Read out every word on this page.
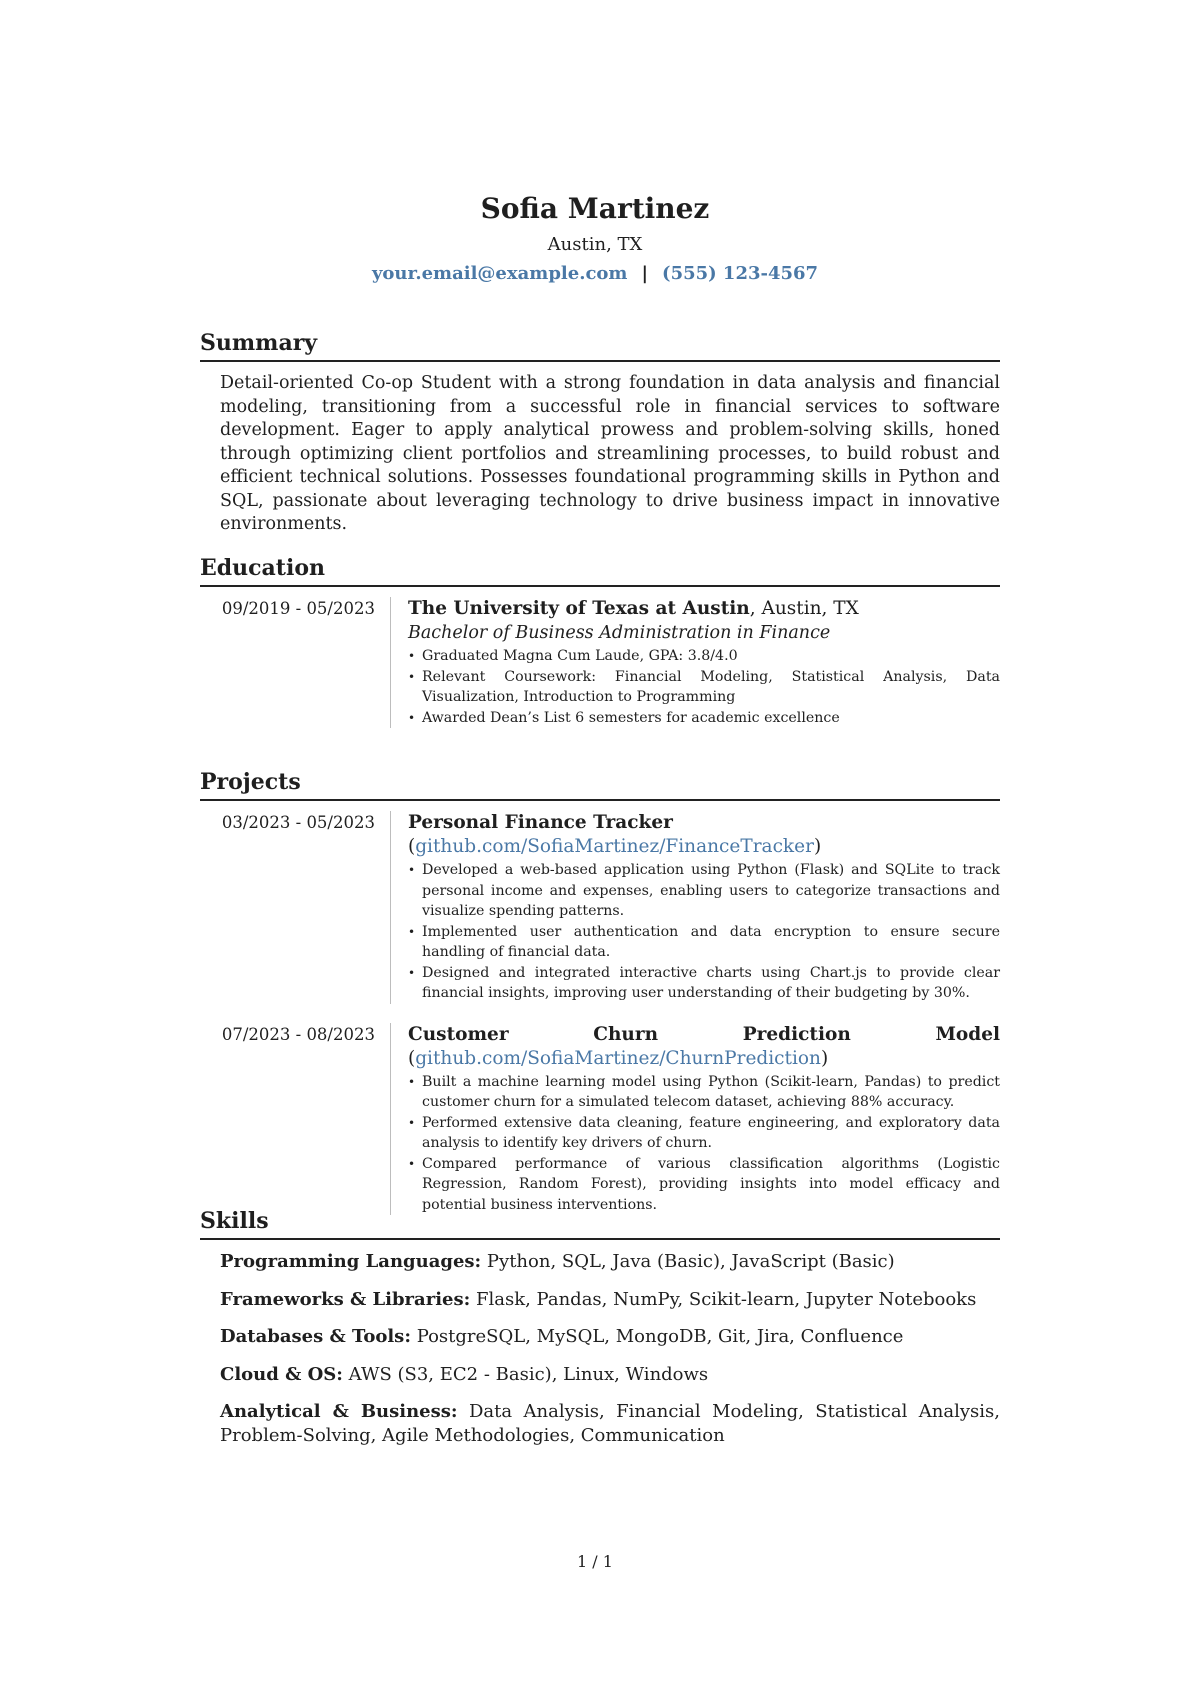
Sofia Martinez
Austin, TX
your.email@example.com | (555) 123-4567
Summary
Detail-oriented Co-op Student with a strong foundation in data analysis and financial modeling, transitioning from a successful role in financial services to software development. Eager to apply analytical prowess and problem-solving skills, honed through optimizing client portfolios and streamlining processes, to build robust and efficient technical solutions. Possesses foundational programming skills in Python and SQL, passionate about leveraging technology to drive business impact in innovative environments.
Education
09/2019 - 05/2023 The University of Texas at Austin, Austin, TX
Bachelor of Business Administration in Finance
• Graduated Magna Cum Laude, GPA: 3.8/4.0
• Relevant Coursework: Financial Modeling, Statistical Analysis, Data Visualization, Introduction to Programming
• Awarded Dean’s List 6 semesters for academic excellence
Projects
03/2023 - 05/2023 Personal Finance Tracker (github.com/SofiaMartinez/FinanceTracker)
• Developed a web-based application using Python (Flask) and SQLite to track personal income and expenses, enabling users to categorize transactions and visualize spending patterns.
• Implemented user authentication and data encryption to ensure secure handling of financial data.
• Designed and integrated interactive charts using Chart.js to provide clear financial insights, improving user understanding of their budgeting by 30%.
07/2023 - 08/2023 Customer Churn Prediction Model (github.com/SofiaMartinez/ChurnPrediction)
• Built a machine learning model using Python (Scikit-learn, Pandas) to predict customer churn for a simulated telecom dataset, achieving 88% accuracy.
• Performed extensive data cleaning, feature engineering, and exploratory data analysis to identify key drivers of churn.
• Compared performance of various classification algorithms (Logistic Regression, Random Forest), providing insights into model efficacy and potential business interventions.
Skills
Programming Languages: Python, SQL, Java (Basic), JavaScript (Basic)
Frameworks & Libraries: Flask, Pandas, NumPy, Scikit-learn, Jupyter Notebooks
Databases & Tools: PostgreSQL, MySQL, MongoDB, Git, Jira, Confluence
Cloud & OS: AWS (S3, EC2 - Basic), Linux, Windows
Analytical & Business: Data Analysis, Financial Modeling, Statistical Analysis, Problem-Solving, Agile Methodologies, Communication
1 / 1
